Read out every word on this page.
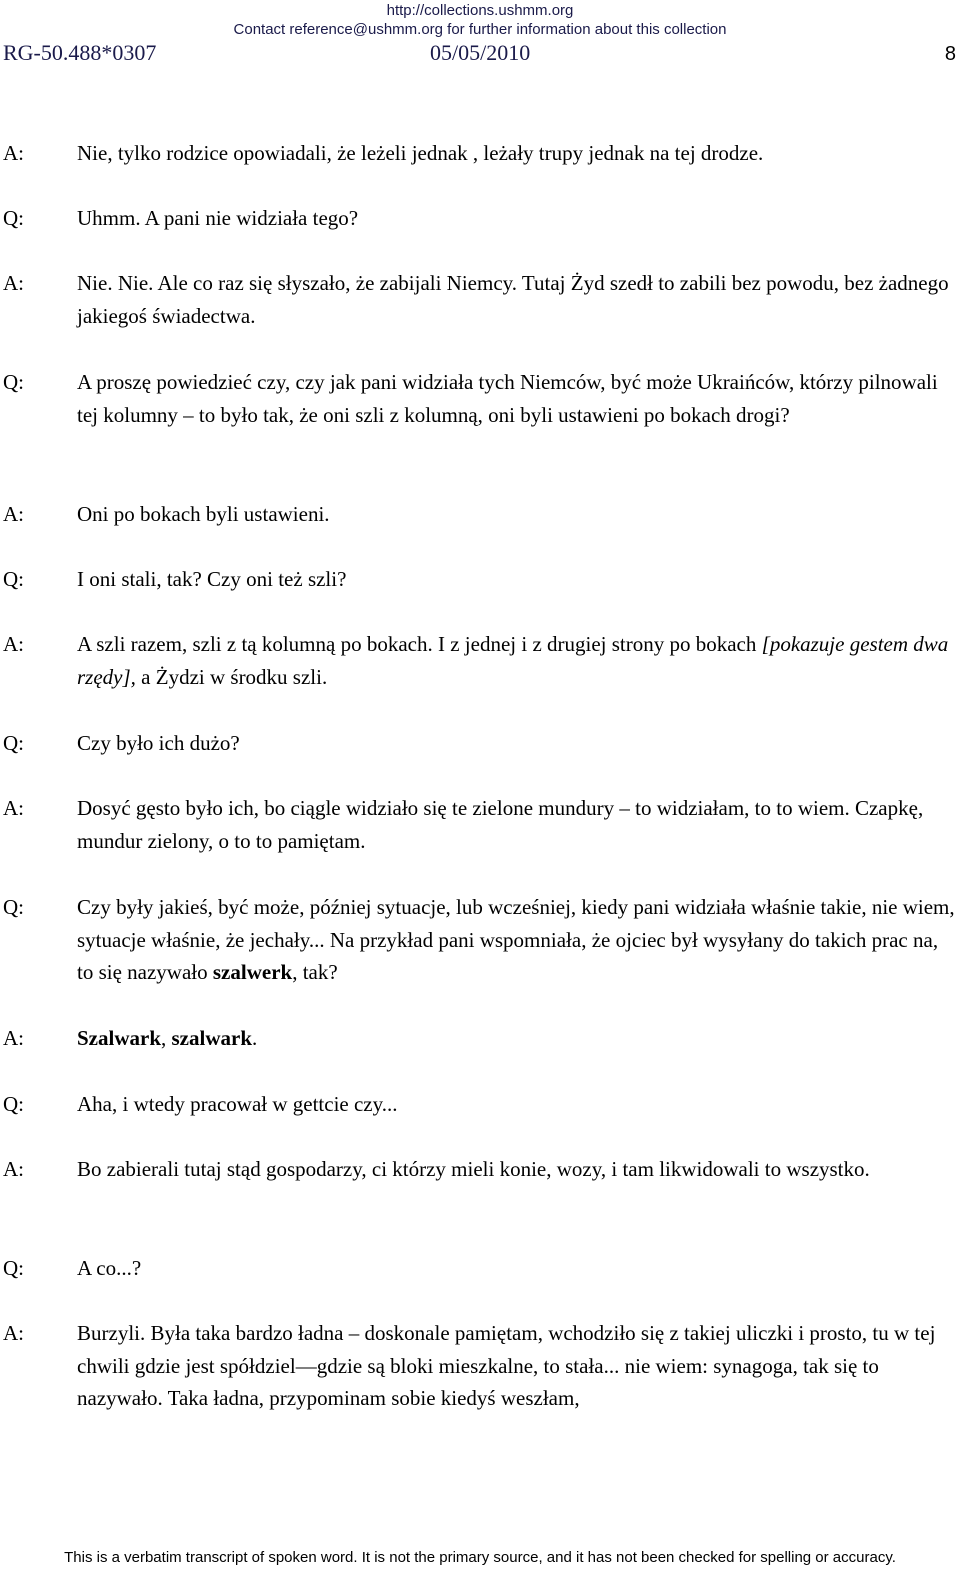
http://collections.ushmm.org
Contact reference@ushmm.org for further information about this collection
RG-50.488*0307	05/05/2010	8
A:	Nie, tylko rodzice opowiadali, że leżeli jednak , leżały trupy jednak na tej drodze.
Q:	Uhmm. A pani nie widziała tego?
A:	Nie. Nie. Ale co raz się słyszało, że zabijali Niemcy. Tutaj Żyd szedł to zabili bez powodu, bez żadnego jakiegoś świadectwa.
Q:	A proszę powiedzieć czy, czy jak pani widziała tych Niemców, być może Ukraińców, którzy pilnowali tej kolumny – to było tak, że oni szli z kolumną, oni byli ustawieni po bokach drogi?
A:	Oni po bokach byli ustawieni.
Q:	I oni stali, tak? Czy oni też szli?
A:	A szli razem, szli z tą kolumną po bokach. I z jednej i z drugiej strony po bokach [pokazuje gestem dwa rzędy], a Żydzi w środku szli.
Q:	Czy było ich dużo?
A:	Dosyć gęsto było ich, bo ciągle widziało się te zielone mundury – to widziałam, to to wiem. Czapkę, mundur zielony, o to to pamiętam.
Q:	Czy były jakieś, być może, później sytuacje, lub wcześniej, kiedy pani widziała właśnie takie, nie wiem, sytuacje właśnie, że jechały... Na przykład pani wspomniała, że ojciec był wysyłany do takich prac na, to się nazywało szalwerk, tak?
A:	Szalwark, szalwark.
Q:	Aha, i wtedy pracował w gettcie czy...
A:	Bo zabierali tutaj stąd gospodarzy, ci którzy mieli konie, wozy, i tam likwidowali to wszystko.
Q:	A co...?
A:	Burzyli. Była taka bardzo ładna – doskonale pamiętam, wchodziło się z takiej uliczki i prosto, tu w tej chwili gdzie jest spółdziel—gdzie są bloki mieszkalne, to stała... nie wiem: synagoga, tak się to nazywało. Taka ładna, przypominam sobie kiedyś weszłam,
This is a verbatim transcript of spoken word. It is not the primary source, and it has not been checked for spelling or accuracy.
